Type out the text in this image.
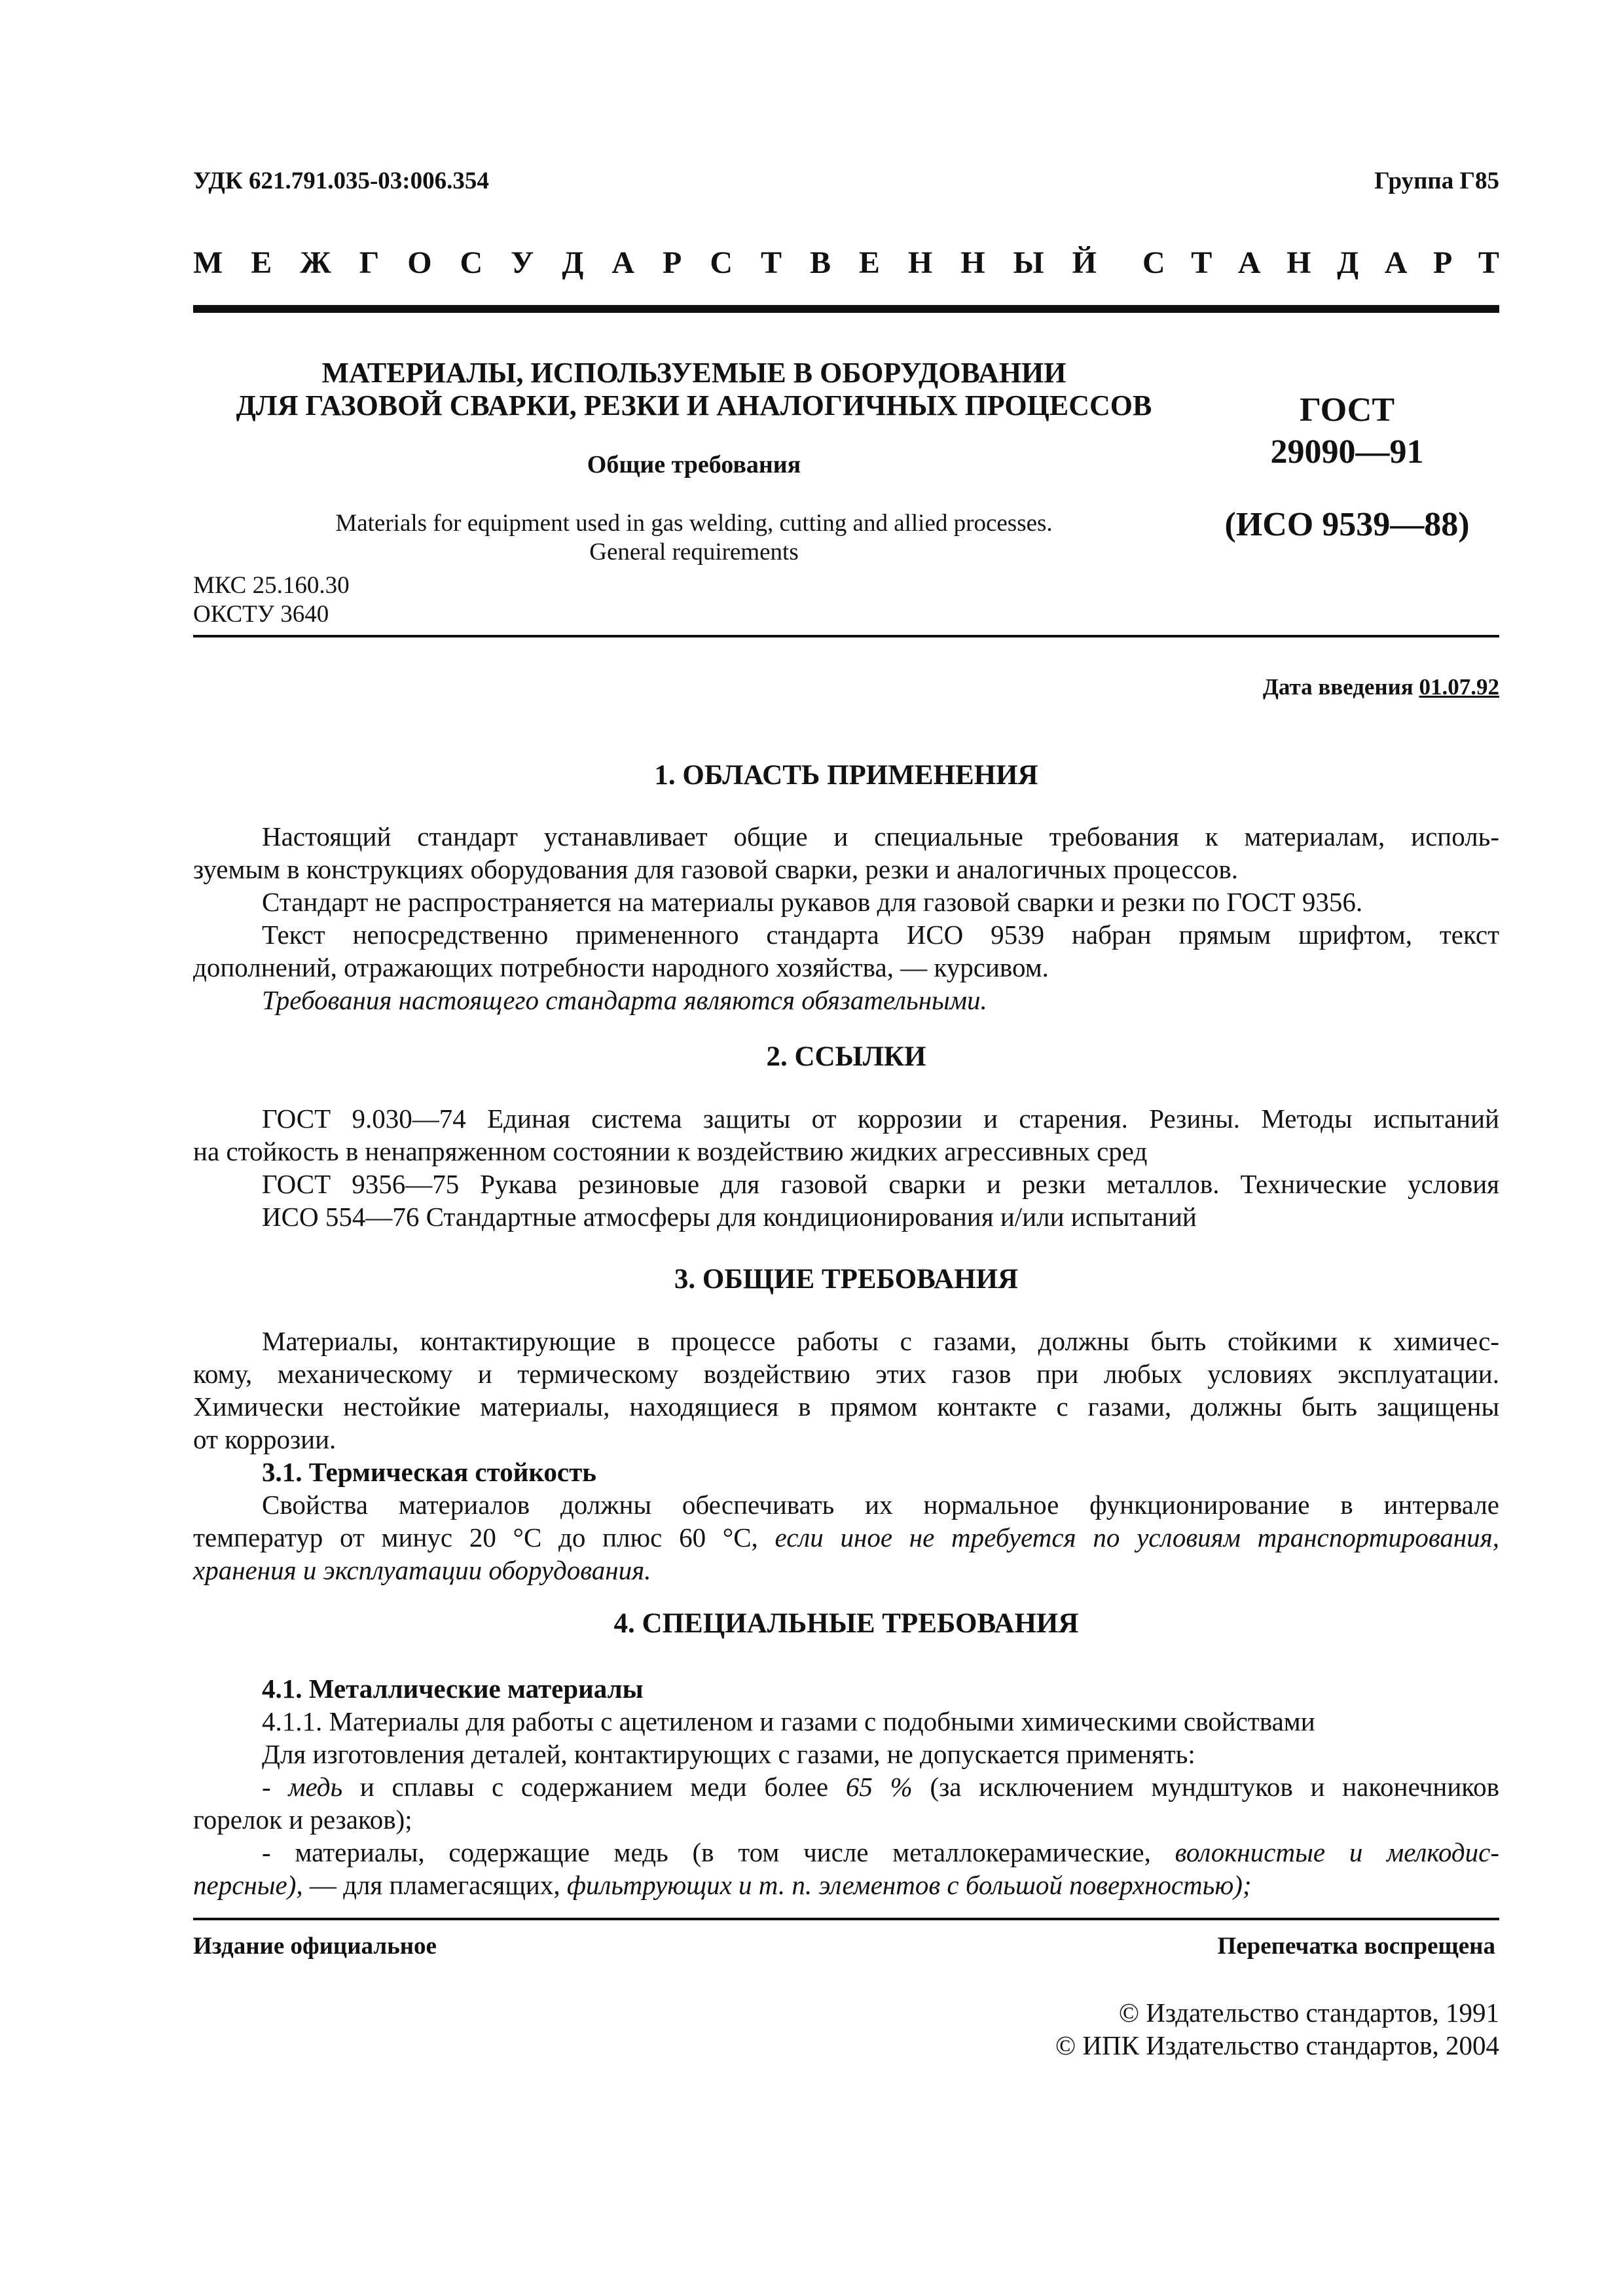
УДК 621.791.035-03:006.354	Группа Г85
М Е Ж Г О С У Д А Р С Т В Е Н Н Ы Й С Т А Н Д А Р Т
МАТЕРИАЛЫ, ИСПОЛЬЗУЕМЫЕ В ОБОРУДОВАНИИ
ДЛЯ ГАЗОВОЙ СВАРКИ, РЕЗКИ И АНАЛОГИЧНЫХ ПРОЦЕССОВ
Общие требования
Materials for equipment used in gas welding, cutting and allied processes.
General requirements
ГОСТ
29090—91
(ИСО 9539—88)
МКС 25.160.30
ОКСТУ 3640
Дата введения 01.07.92
1. ОБЛАСТЬ ПРИМЕНЕНИЯ

Настоящий стандарт устанавливает общие и специальные требования к материалам, исполь-

зуемым в конструкциях оборудования для газовой сварки, резки и аналогичных процессов.

Стандарт не распространяется на материалы рукавов для газовой сварки и резки по ГОСТ 9356.

Текст непосредственно примененного стандарта ИСО 9539 набран прямым шрифтом, текст

дополнений, отражающих потребности народного хозяйства, — курсивом.

Требования настоящего стандарта являются обязательными.

2. ССЫЛКИ

ГОСТ 9.030—74 Единая система защиты от коррозии и старения. Резины. Методы испытаний

на стойкость в ненапряженном состоянии к воздействию жидких агрессивных сред

ГОСТ 9356—75 Рукава резиновые для газовой сварки и резки металлов. Технические условия

ИСО 554—76 Стандартные атмосферы для кондиционирования и/или испытаний

3. ОБЩИЕ ТРЕБОВАНИЯ

Материалы, контактирующие в процессе работы с газами, должны быть стойкими к химичес-

кому, механическому и термическому воздействию этих газов при любых условиях эксплуатации.

Химически нестойкие материалы, находящиеся в прямом контакте с газами, должны быть защищены

от коррозии.

3.1. Термическая стойкость

Свойства материалов должны обеспечивать их нормальное функционирование в интервале

температур от минус 20 °С до плюс 60 °С, если иное не требуется по условиям транспортирования,

хранения и эксплуатации оборудования.

4. СПЕЦИАЛЬНЫЕ ТРЕБОВАНИЯ

4.1. Металлические материалы

4.1.1. Материалы для работы с ацетиленом и газами с подобными химическими свойствами

Для изготовления деталей, контактирующих с газами, не допускается применять:

- медь и сплавы с содержанием меди более 65 % (за исключением мундштуков и наконечников

горелок и резаков);

- материалы, содержащие медь (в том числе металлокерамические, волокнистые и мелкодис-

персные), — для пламегасящих, фильтрующих и т. п. элементов с большой поверхностью);

Издание официальное	Перепечатка воспрещена
© Издательство стандартов, 1991
© ИПК Издательство стандартов, 2004
